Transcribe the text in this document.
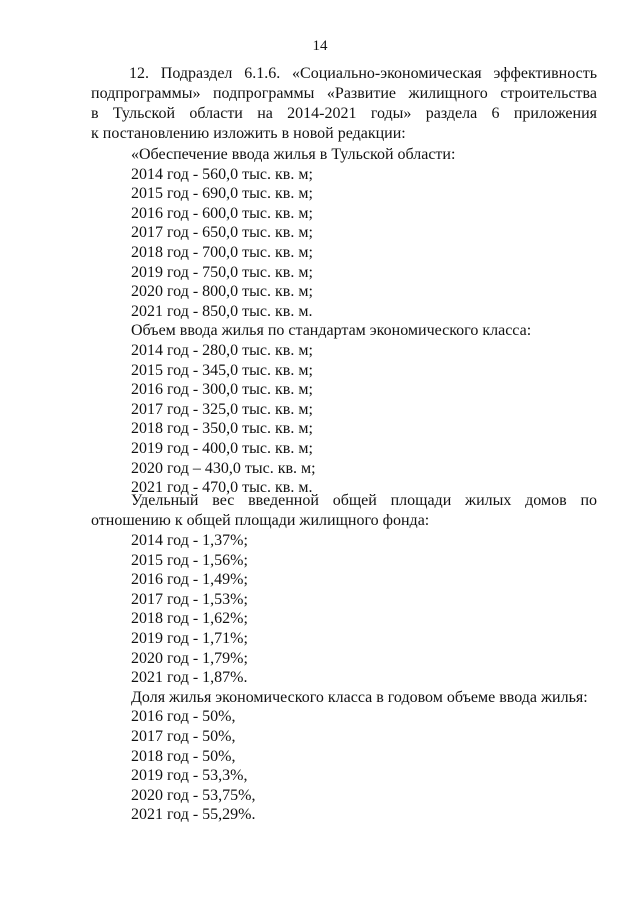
14
12. Подраздел 6.1.6. «Социально-экономическая эффективность
подпрограммы» подпрограммы «Развитие жилищного строительства
в Тульской области на 2014-2021 годы» раздела 6 приложения
к постановлению изложить в новой редакции:
«Обеспечение ввода жилья в Тульской области:
2014 год - 560,0 тыс. кв. м;
2015 год - 690,0 тыс. кв. м;
2016 год - 600,0 тыс. кв. м;
2017 год - 650,0 тыс. кв. м;
2018 год - 700,0 тыс. кв. м;
2019 год - 750,0 тыс. кв. м;
2020 год - 800,0 тыс. кв. м;
2021 год - 850,0 тыс. кв. м.
Объем ввода жилья по стандартам экономического класса:
2014 год - 280,0 тыс. кв. м;
2015 год - 345,0 тыс. кв. м;
2016 год - 300,0 тыс. кв. м;
2017 год - 325,0 тыс. кв. м;
2018 год - 350,0 тыс. кв. м;
2019 год - 400,0 тыс. кв. м;
2020 год – 430,0 тыс. кв. м;
2021 год - 470,0 тыс. кв. м.
Удельный вес введенной общей площади жилых домов по отношению к общей площади жилищного фонда:
2014 год - 1,37%;
2015 год - 1,56%;
2016 год - 1,49%;
2017 год - 1,53%;
2018 год - 1,62%;
2019 год - 1,71%;
2020 год - 1,79%;
2021 год - 1,87%.
Доля жилья экономического класса в годовом объеме ввода жилья:
2016 год - 50%,
2017 год - 50%,
2018 год - 50%,
2019 год - 53,3%,
2020 год - 53,75%,
2021 год - 55,29%.
